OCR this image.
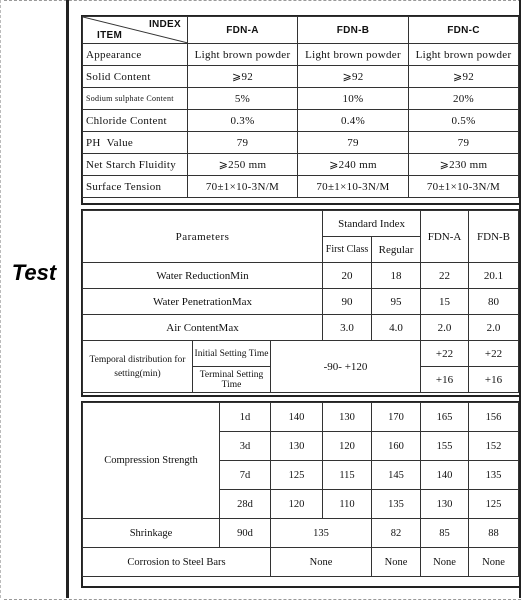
Test
INDEX
ITEM	FDN-A	FDN-B	FDN-C
Appearance	Light brown powder	Light brown powder	Light brown powder
Solid Content	⩾92	⩾92	⩾92
Sodium sulphate Content	5%	10%	20%
Chloride Content	0.3%	0.4%	0.5%
PH  Value	79	79	79
Net Starch Fluidity	⩾250 mm	⩾240 mm	⩾230 mm
Surface Tension	70±1×10-3N/M	70±1×10-3N/M	70±1×10-3N/M
Parameters			Standard Index		FDN-A	FDN-B	
			First Class	Regular			
Water ReductionMin			20	18	22	20.1	
Water PenetrationMax			90	95	15	80	
Air ContentMax			3.0	4.0	2.0	2.0	
Temporal distribution for setting(min)	Initial Setting Time	-90- +120			+22	+22	
	Terminal Setting Time				+16	+16	
Compression Strength	1d	140	130	170	165	156
	3d	130	120	160	155	152
	7d	125	115	145	140	135
	28d	120	110	135	130	125
Shrinkage	90d	135		82	85	88
Corrosion to Steel Bars		None		None	None	None
